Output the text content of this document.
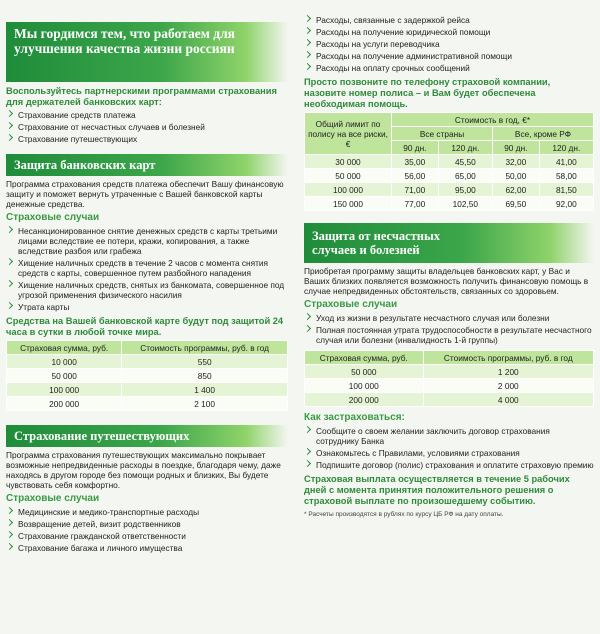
Мы гордимся тем, что работаем для улучшения качества жизни россиян
Воспользуйтесь партнерскими программами страхования для держателей банковских карт:
Страхование средств платежа
Страхование от несчастных случаев и болезней
Страхование путешествующих
Защита банковских карт
Программа страхования средств платежа обеспечит Вашу финансовую защиту и поможет вернуть утраченные с Вашей банковской карты денежные средства.
Страховые случаи
Несанкционированное снятие денежных средств с карты третьими лицами вследствие ее потери, кражи, копирования, а также вследствие разбоя или грабежа
Хищение наличных средств в течение 2 часов с момента снятия средств с карты, совершенное путем разбойного нападения
Хищение наличных средств, снятых из банкомата, совершенное под угрозой применения физического насилия
Утрата карты
Средства на Вашей банковской карте будут под защитой 24 часа в сутки в любой точке мира.
Страховая сумма, руб.	Стоимость программы, руб. в год
10 000	550
50 000	850
100 000	1 400
200 000	2 100
Страхование путешествующих
Программа страхования путешествующих максимально покрывает возможные непредвиденные расходы в поездке, благодаря чему, даже находясь в другом городе без помощи родных и близких, Вы будете чувствовать себя комфортно.
Страховые случаи
Медицинские и медико-транспортные расходы
Возвращение детей, визит родственников
Страхование гражданской ответственности
Страхование багажа и личного имущества
Расходы, связанные с задержкой рейса
Расходы на получение юридической помощи
Расходы на услуги переводчика
Расходы на получение административной помощи
Расходы на оплату срочных сообщений
Просто позвоните по телефону страховой компании, назовите номер полиса – и Вам будет обеспечена необходимая помощь.
Общий лимит по полису на все риски, €	Стоимость в год, €*			
	Все страны		Все, кроме РФ	
	90 дн.	120 дн.	90 дн.	120 дн.
30 000	35,00	45,50	32,00	41,00
50 000	56,00	65,00	50,00	58,00
100 000	71,00	95,00	62,00	81,50
150 000	77,00	102,50	69,50	92,00
Защита от несчастных случаев и болезней
Приобретая программу защиты владельцев банковских карт, у Вас и Ваших близких появляется возможность получить финансовую помощь в случае непредвиденных обстоятельств, связанных со здоровьем.
Страховые случаи
Уход из жизни в результате несчастного случая или болезни
Полная постоянная утрата трудоспособности в результате несчастного случая или болезни (инвалидность 1-й группы)
Страховая сумма, руб.	Стоимость программы, руб. в год
50 000	1 200
100 000	2 000
200 000	4 000
Как застраховаться:
Сообщите о своем желании заключить договор страхования сотруднику Банка
Ознакомьтесь с Правилами, условиями страхования
Подпишите договор (полис) страхования и оплатите страховую премию
Страховая выплата осуществляется в течение 5 рабочих дней с момента принятия положительного решения о страховой выплате по произошедшему событию.
* Расчеты производятся в рублях по курсу ЦБ РФ на дату оплаты.
